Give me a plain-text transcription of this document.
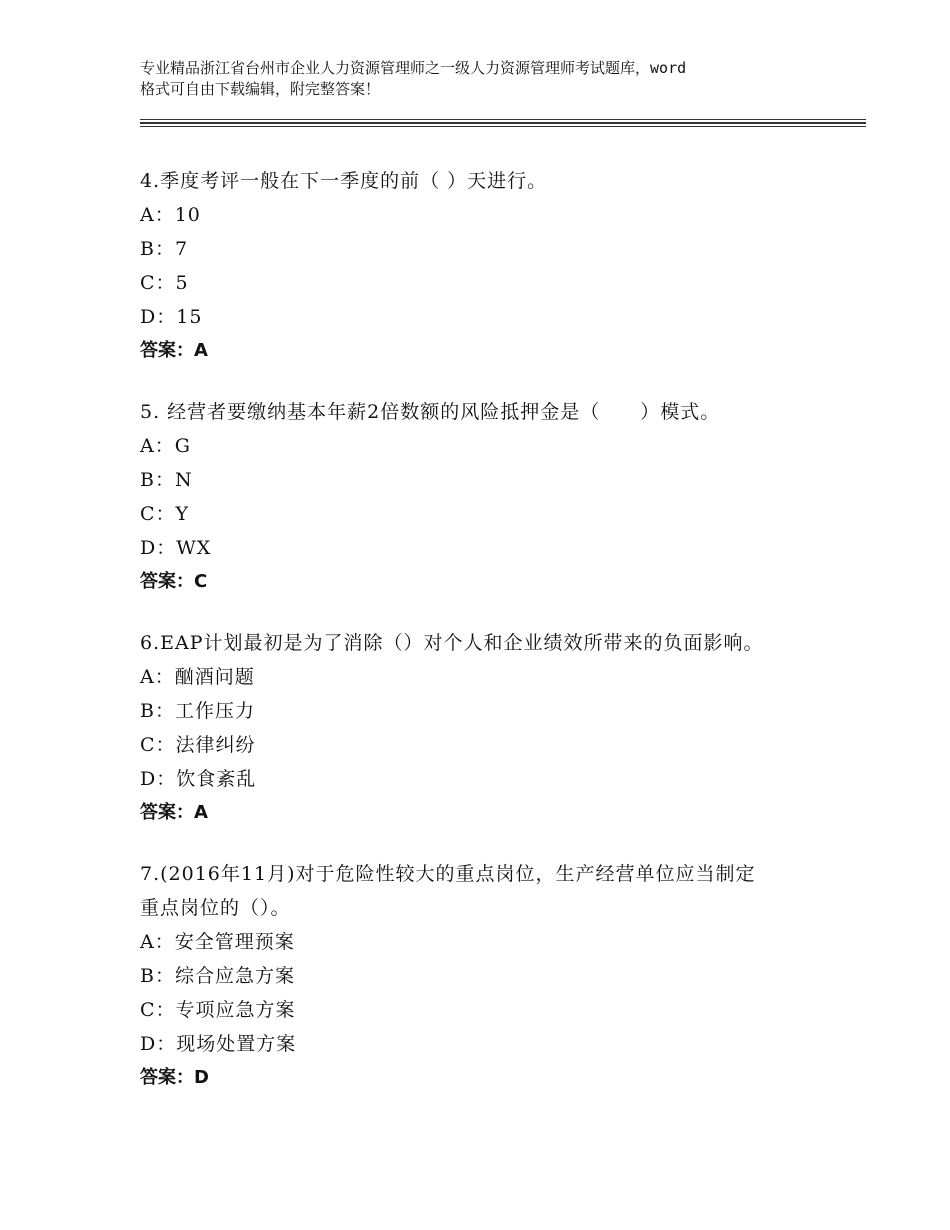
专业精品浙江省台州市企业人力资源管理师之一级人力资源管理师考试题库，word
格式可自由下载编辑，附完整答案！
4.季度考评一般在下一季度的前（ ）天进行。
A：10
B：7
C：5
D：15
答案：A
5. 经营者要缴纳基本年薪2倍数额的风险抵押金是（　　）模式。
A：G
B：N
C：Y
D：WX
答案：C
6.EAP计划最初是为了消除（）对个人和企业绩效所带来的负面影响。
A：酗酒问题
B：工作压力
C：法律纠纷
D：饮食紊乱
答案：A
7.(2016年11月)对于危险性较大的重点岗位，生产经营单位应当制定
重点岗位的（）。
A：安全管理预案
B：综合应急方案
C：专项应急方案
D：现场处置方案
答案：D
